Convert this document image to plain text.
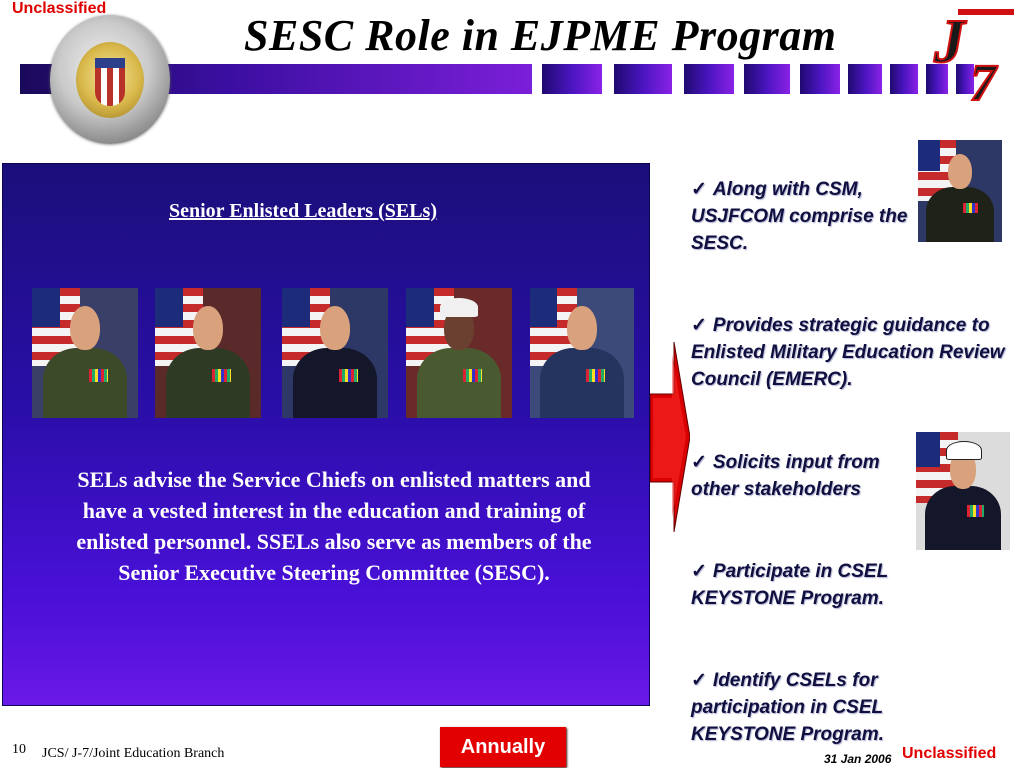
Unclassified
SESC Role in EJPME Program J
7
Senior Enlisted Leaders (SELs)
SELs advise the Service Chiefs on enlisted matters and have a vested interest in the education and training of enlisted personnel. SSELs also serve as members of the Senior Executive Steering Committee (SESC).
✓ Along with CSM, USJFCOM comprise the SESC.
✓ Provides strategic guidance to Enlisted Military Education Review Council (EMERC).
✓ Solicits input from other stakeholders
✓ Participate in CSEL KEYSTONE Program.
✓ Identify CSELs for participation in CSEL KEYSTONE Program.
10 JCS/ J-7/Joint Education Branch	Annually
31 Jan 2006 Unclassified
